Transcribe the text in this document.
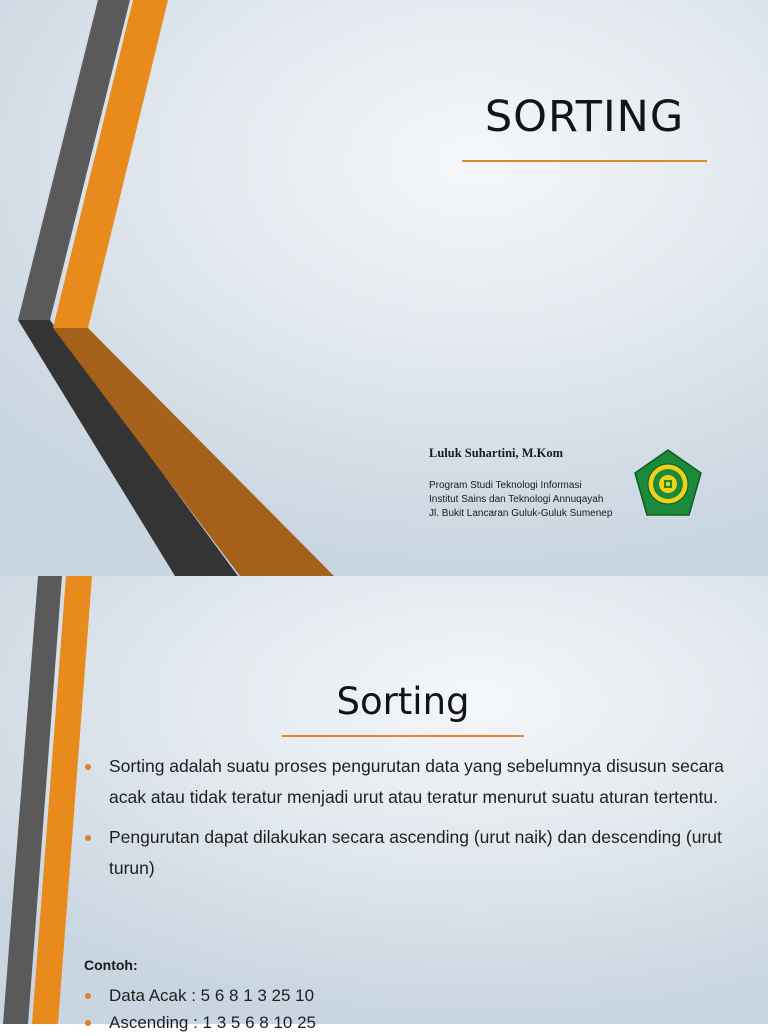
SORTING
Luluk Suhartini, M.Kom
Program Studi Teknologi Informasi
Institut Sains dan Teknologi Annuqayah
Jl. Bukit Lancaran Guluk-Guluk Sumenep
Sorting
Sorting adalah suatu proses pengurutan data yang sebelumnya disusun secara acak atau tidak teratur menjadi urut atau teratur menurut suatu aturan tertentu.
Pengurutan dapat dilakukan secara ascending (urut naik) dan descending (urut turun)
Contoh:
Data Acak : 5 6 8 1 3 25 10
Ascending : 1 3 5 6 8 10 25
